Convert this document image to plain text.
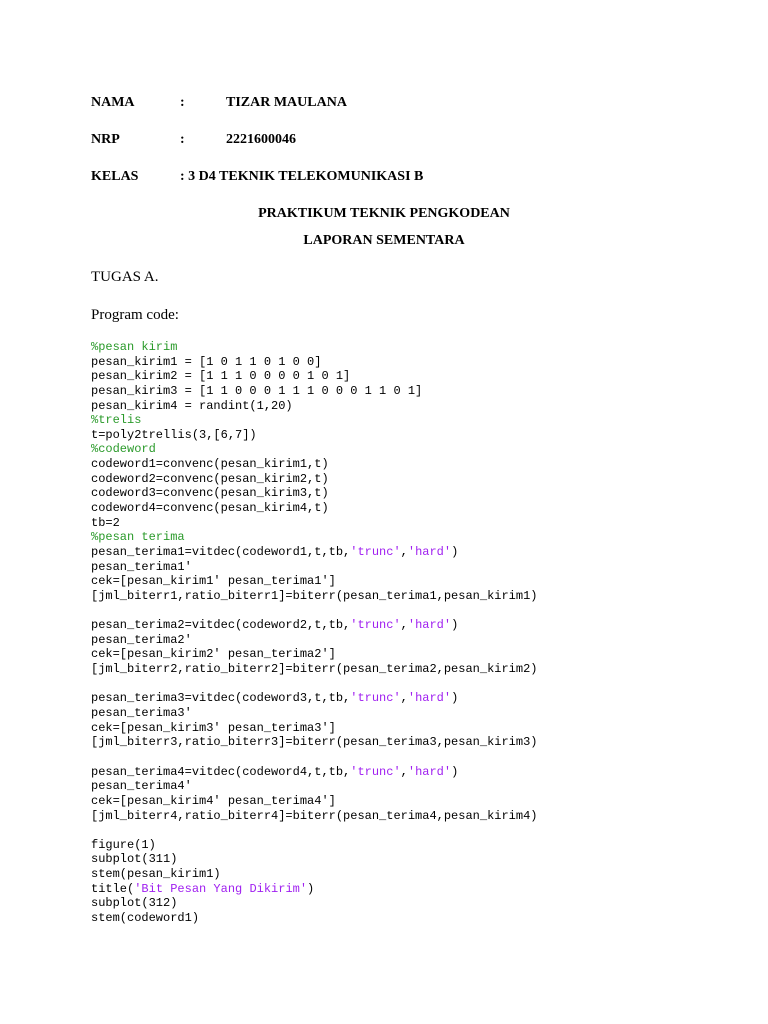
NAMA	:	TIZAR MAULANA
NRP	:	2221600046
KELAS	: 3 D4 TEKNIK TELEKOMUNIKASI B
PRAKTIKUM TEKNIK PENGKODEAN
LAPORAN SEMENTARA
TUGAS A.
Program code:
%pesan kirim
pesan_kirim1 = [1 0 1 1 0 1 0 0]
pesan_kirim2 = [1 1 1 0 0 0 0 1 0 1]
pesan_kirim3 = [1 1 0 0 0 1 1 1 0 0 0 1 1 0 1]
pesan_kirim4 = randint(1,20)
%trelis
t=poly2trellis(3,[6,7])
%codeword
codeword1=convenc(pesan_kirim1,t)
codeword2=convenc(pesan_kirim2,t)
codeword3=convenc(pesan_kirim3,t)
codeword4=convenc(pesan_kirim4,t)
tb=2
%pesan terima
pesan_terima1=vitdec(codeword1,t,tb,'trunc','hard')
pesan_terima1'
cek=[pesan_kirim1' pesan_terima1']
[jml_biterr1,ratio_biterr1]=biterr(pesan_terima1,pesan_kirim1)

pesan_terima2=vitdec(codeword2,t,tb,'trunc','hard')
pesan_terima2'
cek=[pesan_kirim2' pesan_terima2']
[jml_biterr2,ratio_biterr2]=biterr(pesan_terima2,pesan_kirim2)

pesan_terima3=vitdec(codeword3,t,tb,'trunc','hard')
pesan_terima3'
cek=[pesan_kirim3' pesan_terima3']
[jml_biterr3,ratio_biterr3]=biterr(pesan_terima3,pesan_kirim3)

pesan_terima4=vitdec(codeword4,t,tb,'trunc','hard')
pesan_terima4'
cek=[pesan_kirim4' pesan_terima4']
[jml_biterr4,ratio_biterr4]=biterr(pesan_terima4,pesan_kirim4)

figure(1)
subplot(311)
stem(pesan_kirim1)
title('Bit Pesan Yang Dikirim')
subplot(312)
stem(codeword1)
